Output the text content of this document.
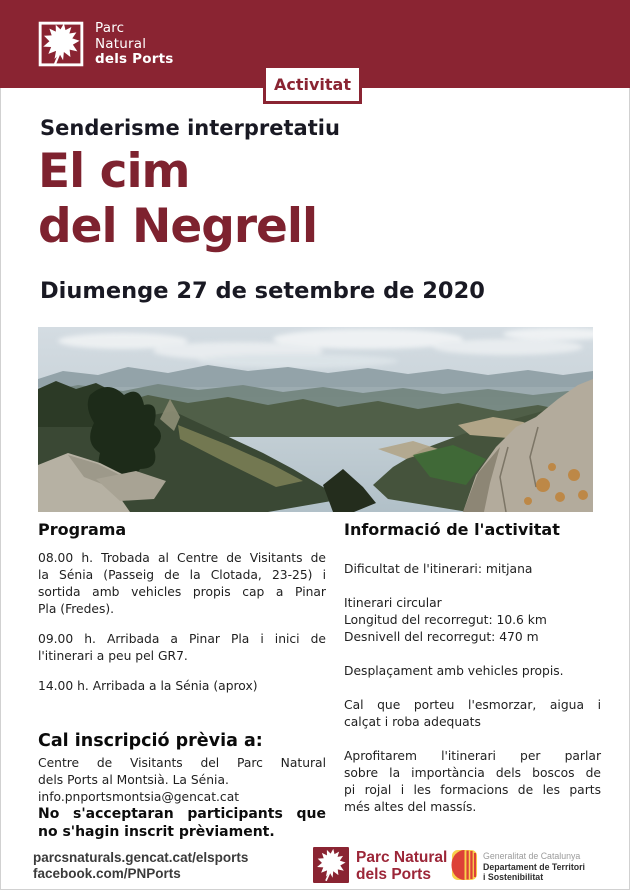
Parc
Natural
dels Ports
Activitat
Senderisme interpretatiu
El cim
del Negrell
Diumenge 27 de setembre de 2020
Programa
08.00 h. Trobada al Centre de Visitants de
la Sénia (Passeig de la Clotada, 23-25) i
sortida amb vehicles propis cap a Pinar
Pla (Fredes).
09.00 h. Arribada a Pinar Pla i inici de
l'itinerari a peu pel GR7.
14.00 h. Arribada a la Sénia (aprox)
Informació de l'activitat
Dificultat de l'itinerari: mitjana
Itinerari circular
Longitud del recorregut: 10.6 km
Desnivell del recorregut: 470 m
Desplaçament amb vehicles propis.
Cal que porteu l'esmorzar, aigua i
calçat i roba adequats
Aprofitarem l'itinerari per parlar
sobre la importància dels boscos de
pi rojal i les formacions de les parts
més altes del massís.
Cal inscripció prèvia a:
Centre de Visitants del Parc Natural
dels Ports al Montsià. La Sénia.
info.pnportsmontsia@gencat.cat
No s'acceptaran participants que
no s'hagin inscrit prèviament.
parcsnaturals.gencat.cat/elsports
facebook.com/PNPorts
Parc Natural
dels Ports
Generalitat de Catalunya
Departament de Territori
i Sostenibilitat
